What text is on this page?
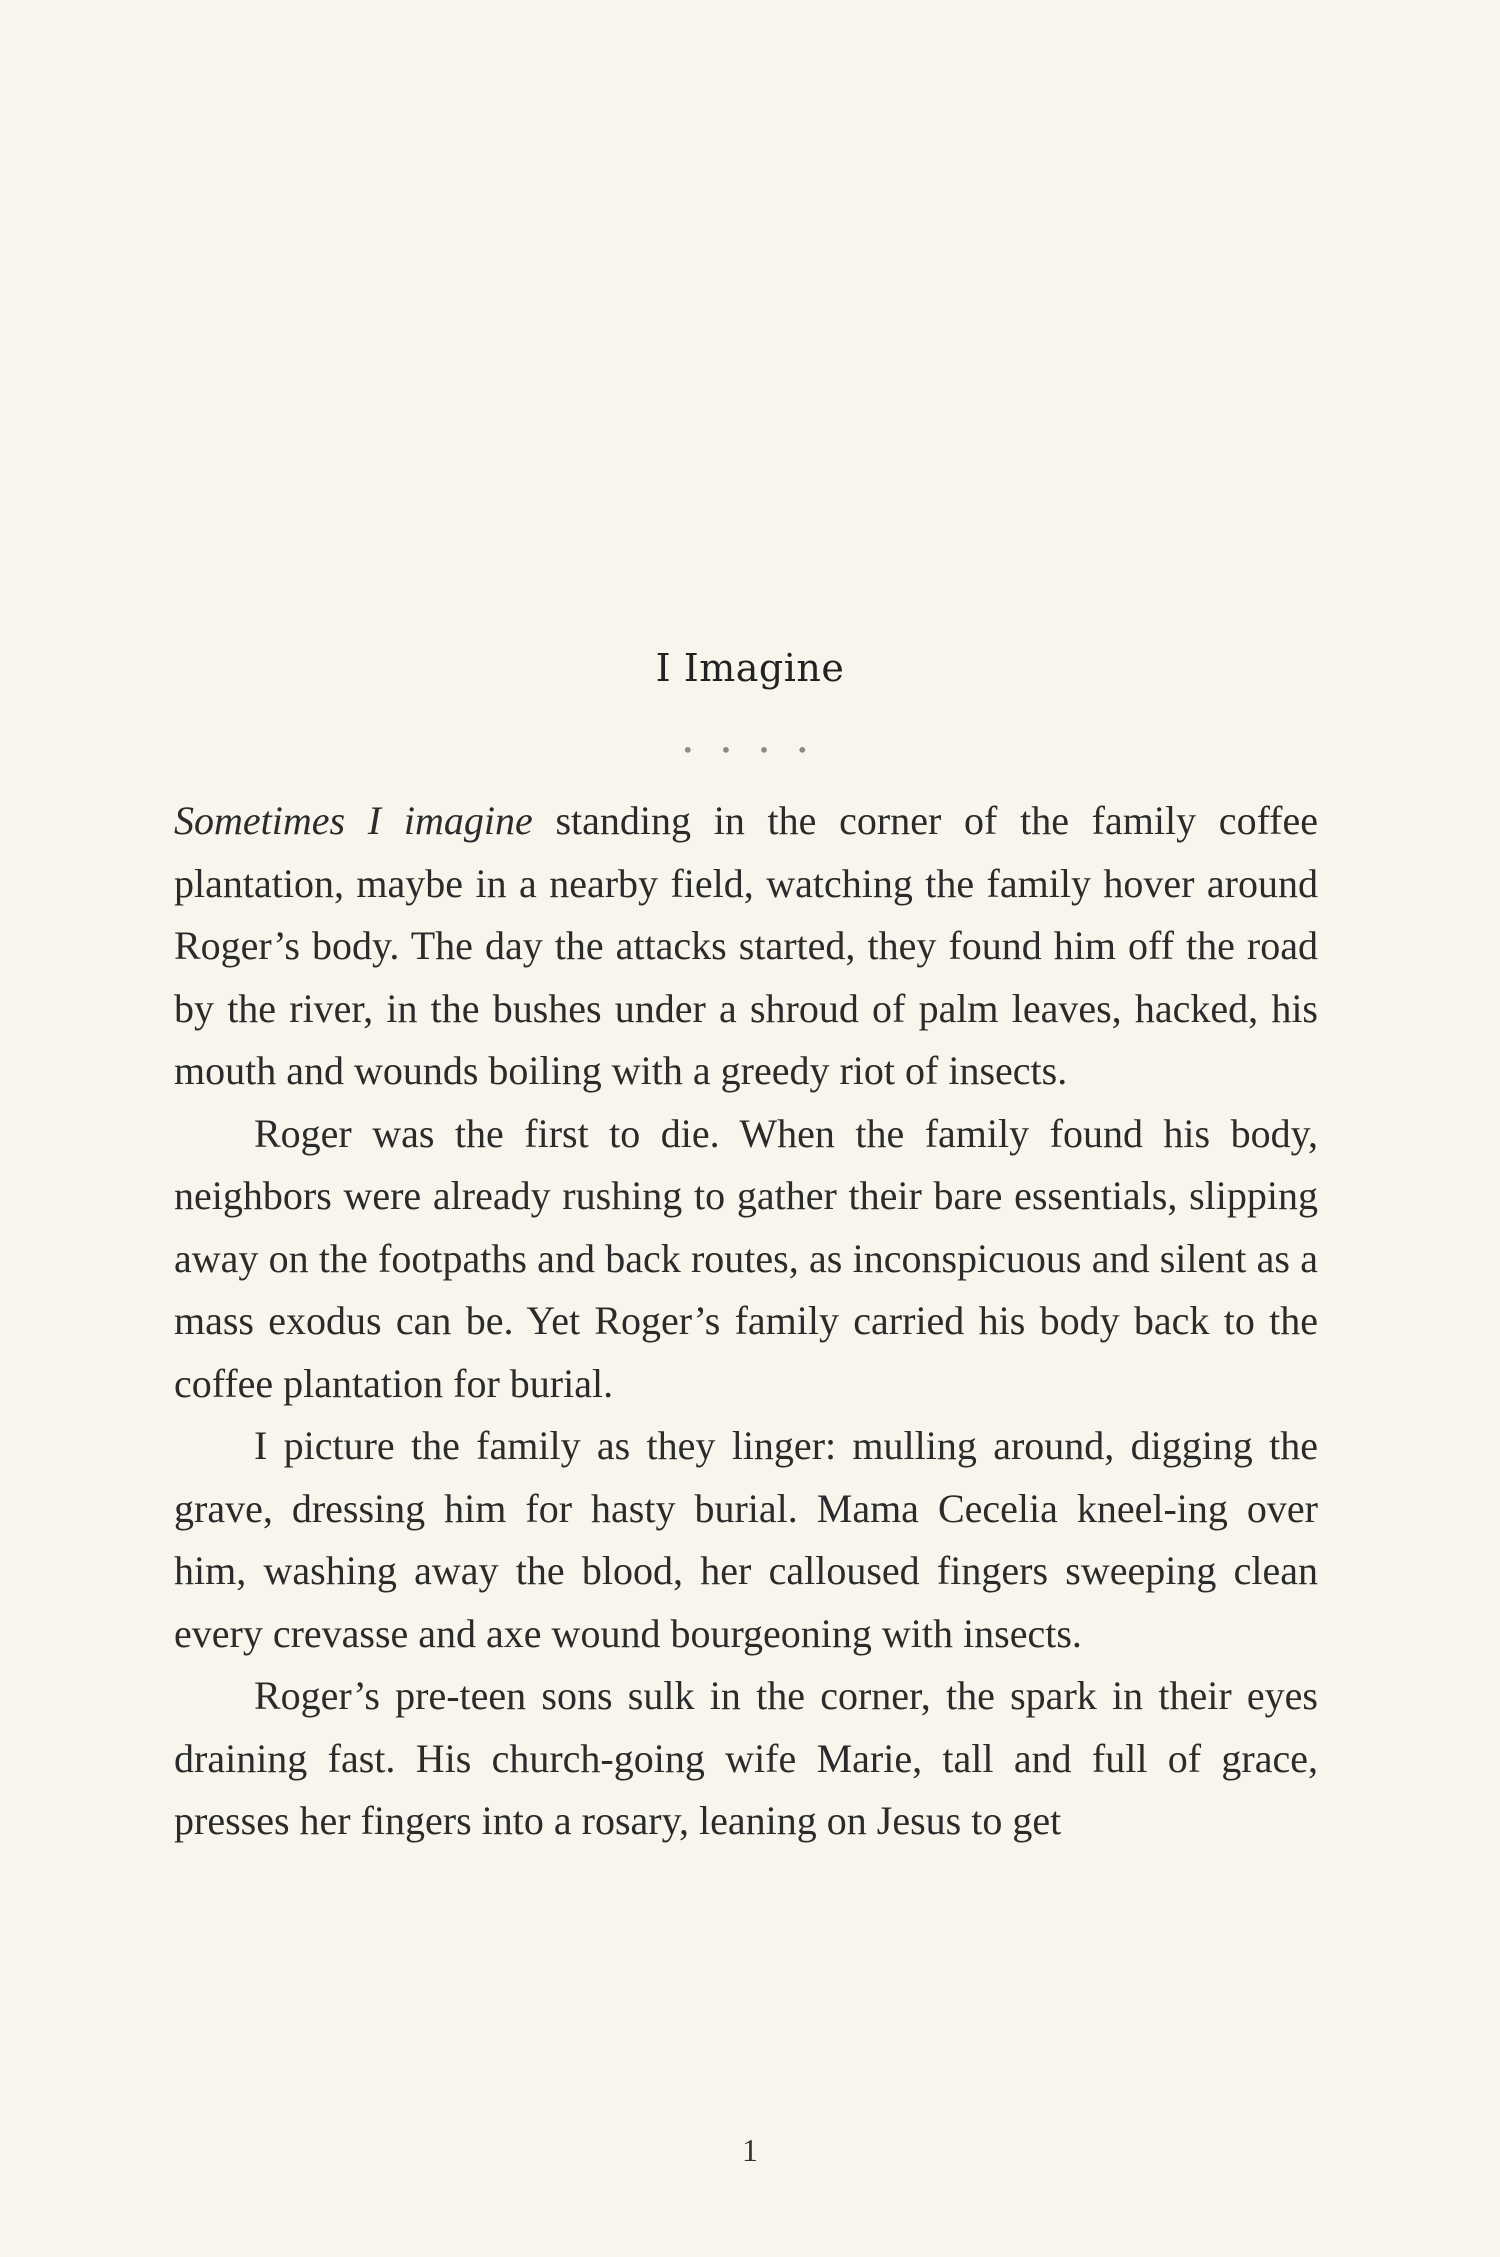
I Imagine
• • • •

Sometimes I imagine standing in the corner of the family coffee plantation, maybe in a nearby field, watching the family hover around Roger’s body. The day the attacks started, they found him off the road by the river, in the bushes under a shroud of palm leaves, hacked, his mouth and wounds boiling with a greedy riot of insects.

Roger was the first to die. When the family found his body, neighbors were already rushing to gather their bare essentials, slipping away on the footpaths and back routes, as inconspicuous and silent as a mass exodus can be. Yet Roger’s family carried his body back to the coffee plantation for burial.

I picture the family as they linger: mulling around, digging the grave, dressing him for hasty burial. Mama Cecelia kneel-ing over him, washing away the blood, her calloused fingers sweeping clean every crevasse and axe wound bourgeoning with insects.

Roger’s pre-teen sons sulk in the corner, the spark in their eyes draining fast. His church-going wife Marie, tall and full of grace, presses her fingers into a rosary, leaning on Jesus to get

1
